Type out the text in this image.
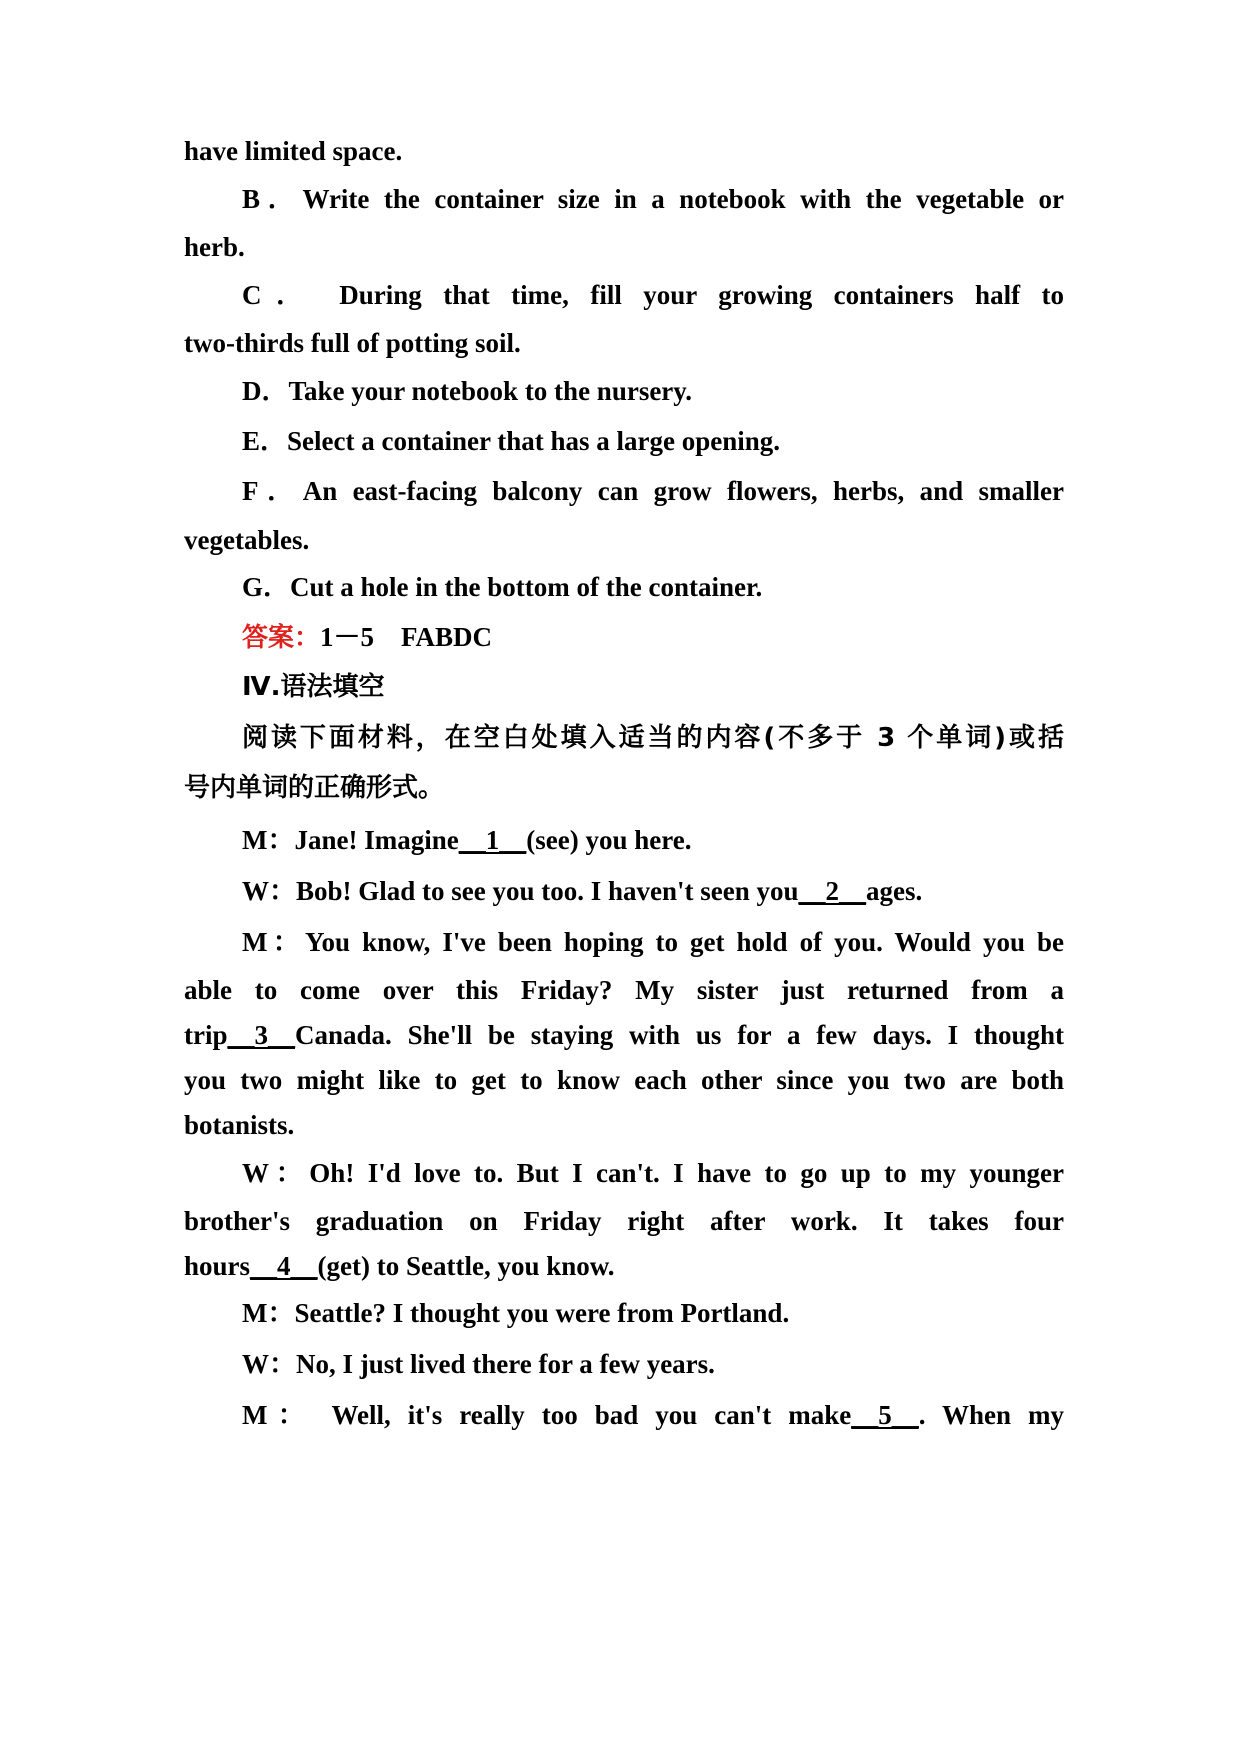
have limited space.
B．Write the container size in a notebook with the vegetable or
herb.
C． During that time, fill your growing containers half to
two-thirds full of potting soil.
D．Take your notebook to the nursery.
E．Select a container that has a large opening.
F．An east-facing balcony can grow flowers, herbs, and smaller
vegetables.
G．Cut a hole in the bottom of the container.
答案：1－5　FABDC
Ⅳ.语法填空
阅读下面材料，在空白处填入适当的内容(不多于 3 个单词)或括
号内单词的正确形式。
M：Jane! Imagine__1__(see) you here.
W：Bob! Glad to see you too. I haven't seen you__2__ages.
M：You know, I've been hoping to get hold of you. Would you be
able to come over this Friday? My sister just returned from a
trip__3__Canada. She'll be staying with us for a few days. I thought
you two might like to get to know each other since you two are both
botanists.
W：Oh! I'd love to. But I can't. I have to go up to my younger
brother's graduation on Friday right after work. It takes four
hours__4__(get) to Seattle, you know.
M：Seattle? I thought you were from Portland.
W：No, I just lived there for a few years.
M： Well, it's really too bad you can't make__5__. When my
